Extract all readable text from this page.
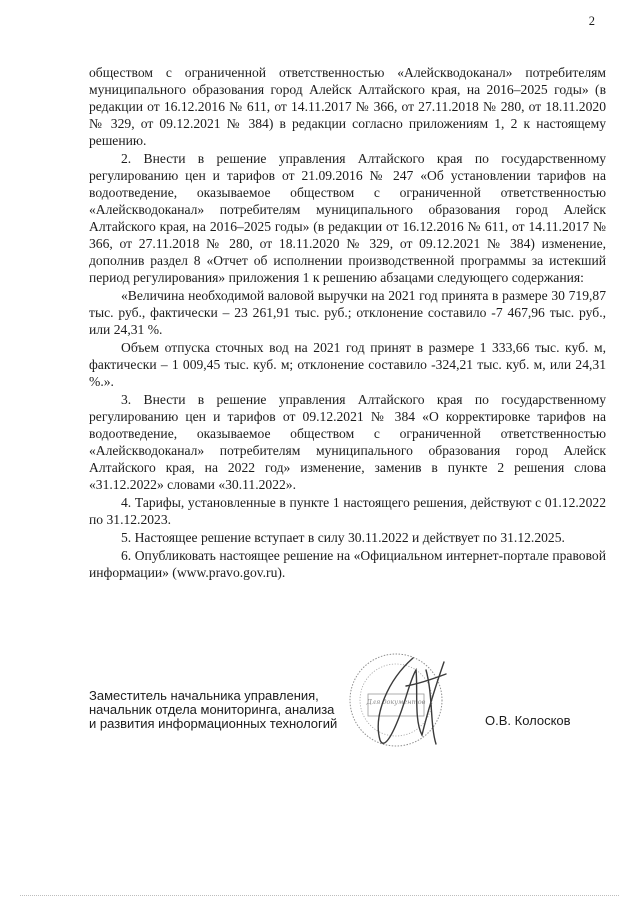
2

обществом с ограниченной ответственностью «Алейскводоканал» потребителям муниципального образования город Алейск Алтайского края, на 2016–2025 годы» (в редакции от 16.12.2016 № 611, от 14.11.2017 № 366, от 27.11.2018 № 280, от 18.11.2020 № 329, от 09.12.2021 № 384) в редакции согласно приложениям 1, 2 к настоящему решению.

2. Внести в решение управления Алтайского края по государственному регулированию цен и тарифов от 21.09.2016 № 247 «Об установлении тарифов на водоотведение, оказываемое обществом с ограниченной ответственностью «Алейскводоканал» потребителям муниципального образования город Алейск Алтайского края, на 2016–2025 годы» (в редакции от 16.12.2016 № 611, от 14.11.2017 № 366, от 27.11.2018 № 280, от 18.11.2020 № 329, от 09.12.2021 № 384) изменение, дополнив раздел 8 «Отчет об исполнении производственной программы за истекший период регулирования» приложения 1 к решению абзацами следующего содержания:

«Величина необходимой валовой выручки на 2021 год принята в размере 30 719,87 тыс. руб., фактически – 23 261,91 тыс. руб.; отклонение составило -7 467,96 тыс. руб., или 24,31 %.

Объем отпуска сточных вод на 2021 год принят в размере 1 333,66 тыс. куб. м, фактически – 1 009,45 тыс. куб. м; отклонение составило -324,21 тыс. куб. м, или 24,31 %.».

3. Внести в решение управления Алтайского края по государственному регулированию цен и тарифов от 09.12.2021 № 384 «О корректировке тарифов на водоотведение, оказываемое обществом с ограниченной ответственностью «Алейскводоканал» потребителям муниципального образования город Алейск Алтайского края, на 2022 год» изменение, заменив в пункте 2 решения слова «31.12.2022» словами «30.11.2022».

4. Тарифы, установленные в пункте 1 настоящего решения, действуют с 01.12.2022 по 31.12.2023.

5. Настоящее решение вступает в силу 30.11.2022 и действует по 31.12.2025.

6. Опубликовать настоящее решение на «Официальном интернет-портале правовой информации» (www.pravo.gov.ru).

Заместитель начальника управления,
начальник отдела мониторинга, анализа
и развития информационных технологий
Для документов
О.В. Колосков
